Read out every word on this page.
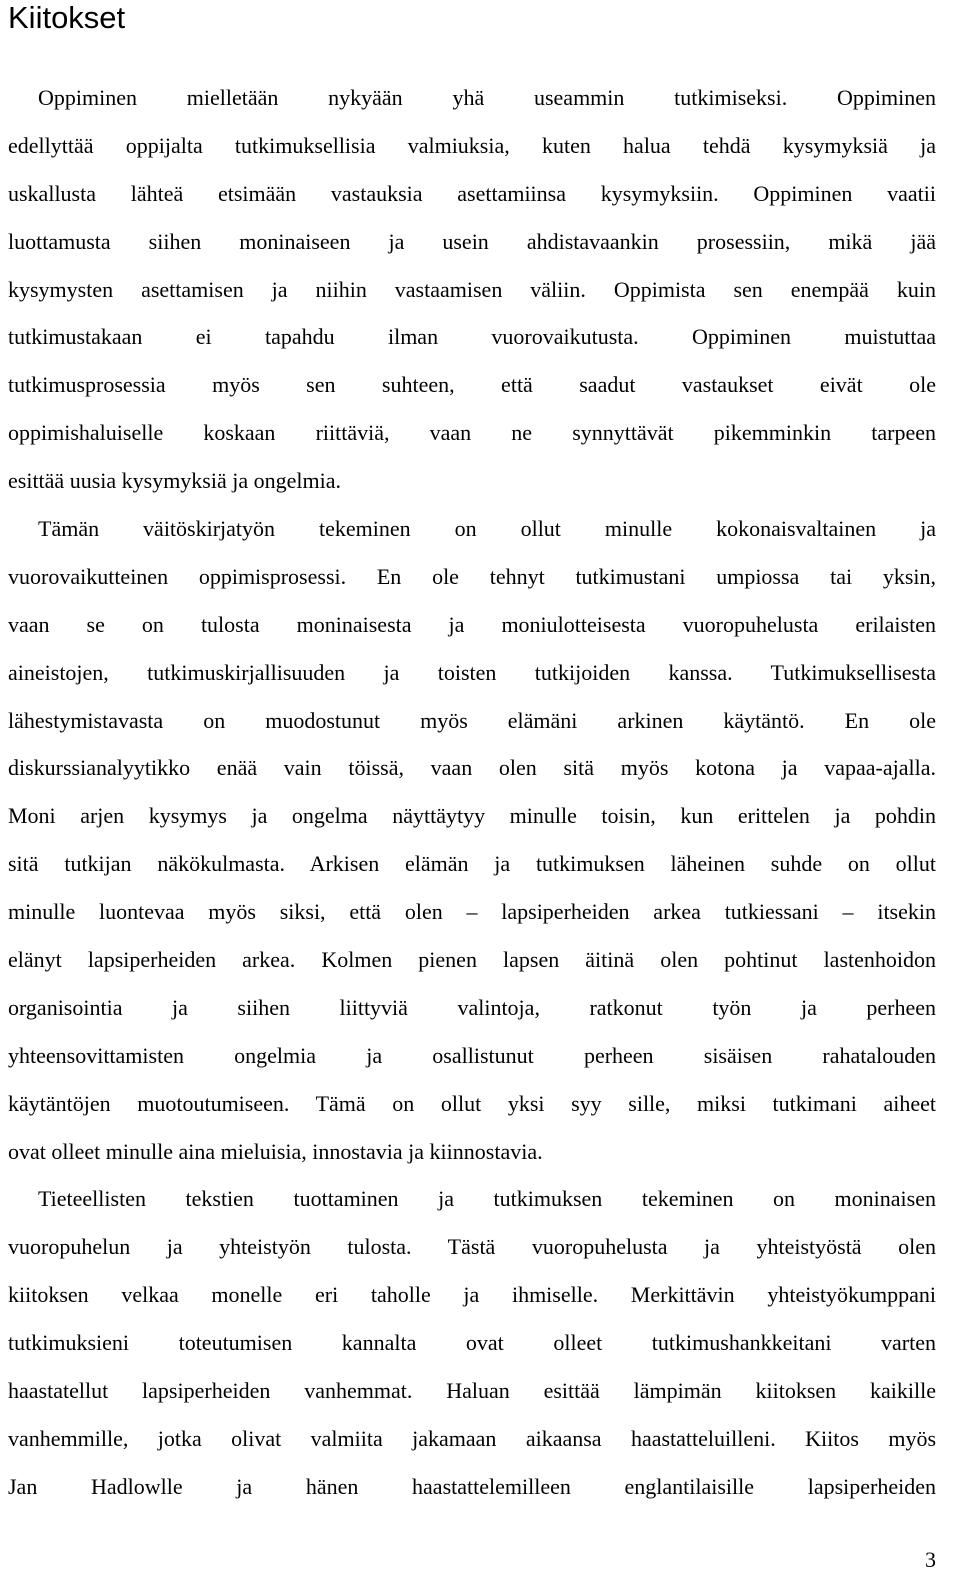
Kiitokset
Oppiminen mielletään nykyään yhä useammin tutkimiseksi. Oppiminen
edellyttää oppijalta tutkimuksellisia valmiuksia, kuten halua tehdä kysymyksiä ja
uskallusta lähteä etsimään vastauksia asettamiinsa kysymyksiin. Oppiminen vaatii
luottamusta siihen moninaiseen ja usein ahdistavaankin prosessiin, mikä jää
kysymysten asettamisen ja niihin vastaamisen väliin. Oppimista sen enempää kuin
tutkimustakaan ei tapahdu ilman vuorovaikutusta. Oppiminen muistuttaa
tutkimusprosessia myös sen suhteen, että saadut vastaukset eivät ole
oppimishaluiselle koskaan riittäviä, vaan ne synnyttävät pikemminkin tarpeen
esittää uusia kysymyksiä ja ongelmia.
Tämän väitöskirjatyön tekeminen on ollut minulle kokonaisvaltainen ja
vuorovaikutteinen oppimisprosessi. En ole tehnyt tutkimustani umpiossa tai yksin,
vaan se on tulosta moninaisesta ja moniulotteisesta vuoropuhelusta erilaisten
aineistojen, tutkimuskirjallisuuden ja toisten tutkijoiden kanssa. Tutkimuksellisesta
lähestymistavasta on muodostunut myös elämäni arkinen käytäntö. En ole
diskurssianalyytikko enää vain töissä, vaan olen sitä myös kotona ja vapaa-ajalla.
Moni arjen kysymys ja ongelma näyttäytyy minulle toisin, kun erittelen ja pohdin
sitä tutkijan näkökulmasta. Arkisen elämän ja tutkimuksen läheinen suhde on ollut
minulle luontevaa myös siksi, että olen – lapsiperheiden arkea tutkiessani – itsekin
elänyt lapsiperheiden arkea. Kolmen pienen lapsen äitinä olen pohtinut lastenhoidon
organisointia ja siihen liittyviä valintoja, ratkonut työn ja perheen
yhteensovittamisten ongelmia ja osallistunut perheen sisäisen rahatalouden
käytäntöjen muotoutumiseen. Tämä on ollut yksi syy sille, miksi tutkimani aiheet
ovat olleet minulle aina mieluisia, innostavia ja kiinnostavia.
Tieteellisten tekstien tuottaminen ja tutkimuksen tekeminen on moninaisen
vuoropuhelun ja yhteistyön tulosta. Tästä vuoropuhelusta ja yhteistyöstä olen
kiitoksen velkaa monelle eri taholle ja ihmiselle. Merkittävin yhteistyökumppani
tutkimuksieni toteutumisen kannalta ovat olleet tutkimushankkeitani varten
haastatellut lapsiperheiden vanhemmat. Haluan esittää lämpimän kiitoksen kaikille
vanhemmille, jotka olivat valmiita jakamaan aikaansa haastatteluilleni. Kiitos myös
Jan Hadlowlle ja hänen haastattelemilleen englantilaisille lapsiperheiden
3
